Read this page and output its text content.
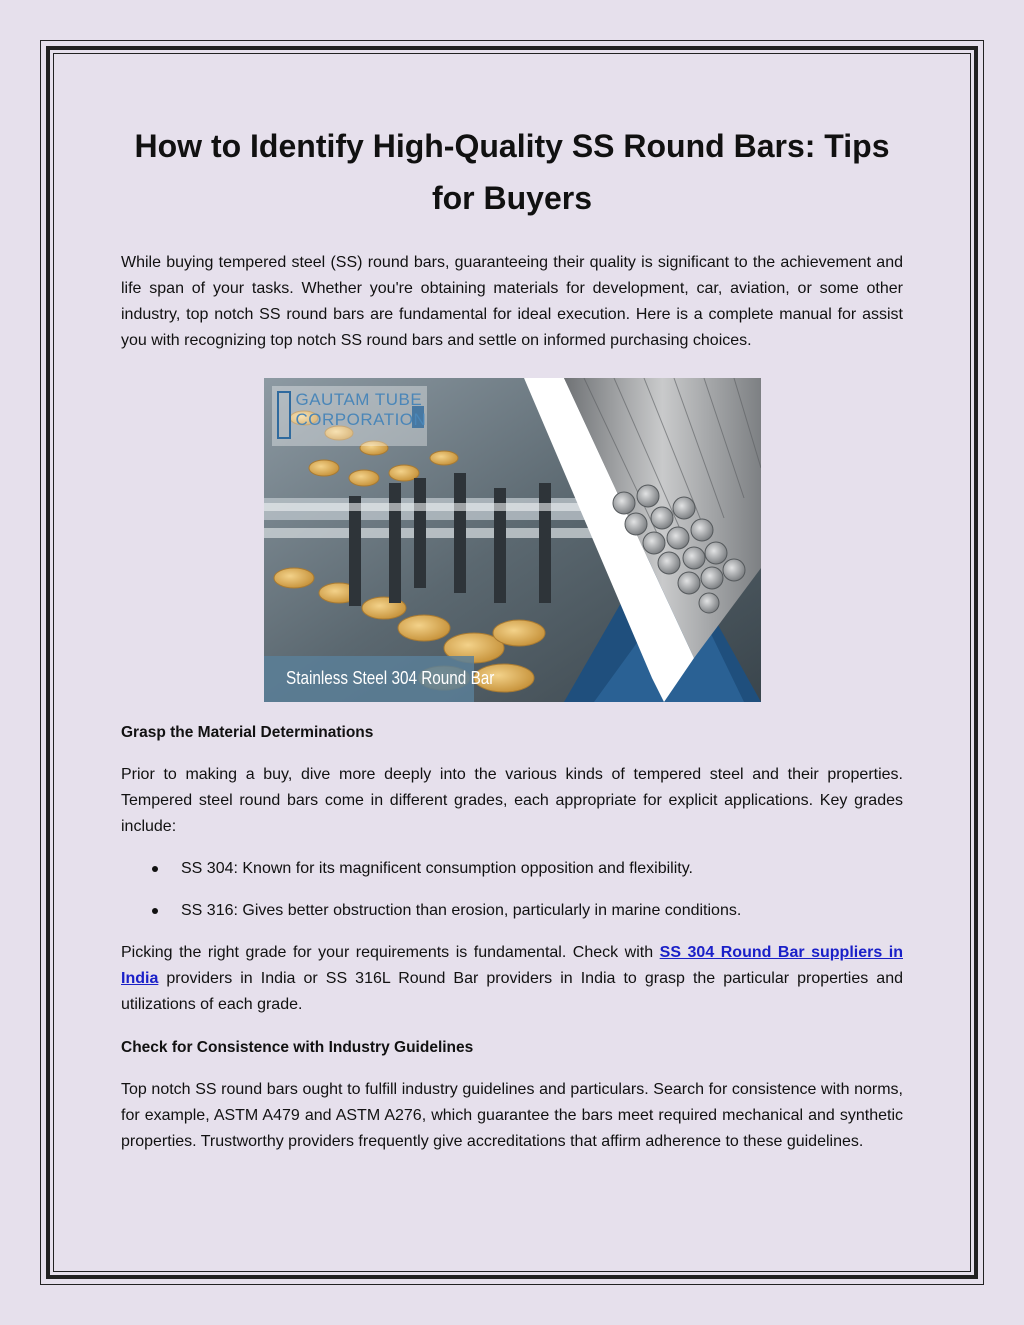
How to Identify High-Quality SS Round Bars: Tips for Buyers

While buying tempered steel (SS) round bars, guaranteeing their quality is significant to the achievement and life span of your tasks. Whether you're obtaining materials for development, car, aviation, or some other industry, top notch SS round bars are fundamental for ideal execution. Here is a complete manual for assist you with recognizing top notch SS round bars and settle on informed purchasing choices.

GAUTAM TUBE
CORPORATION
Stainless Steel 304 Round Bar
Grasp the Material Determinations

Prior to making a buy, dive more deeply into the various kinds of tempered steel and their properties. Tempered steel round bars come in different grades, each appropriate for explicit applications. Key grades include:

SS 304: Known for its magnificent consumption opposition and flexibility.
SS 316: Gives better obstruction than erosion, particularly in marine conditions.

Picking the right grade for your requirements is fundamental. Check with SS 304 Round Bar suppliers in India providers in India or SS 316L Round Bar providers in India to grasp the particular properties and utilizations of each grade.

Check for Consistence with Industry Guidelines

Top notch SS round bars ought to fulfill industry guidelines and particulars. Search for consistence with norms, for example, ASTM A479 and ASTM A276, which guarantee the bars meet required mechanical and synthetic properties. Trustworthy providers frequently give accreditations that affirm adherence to these guidelines.
